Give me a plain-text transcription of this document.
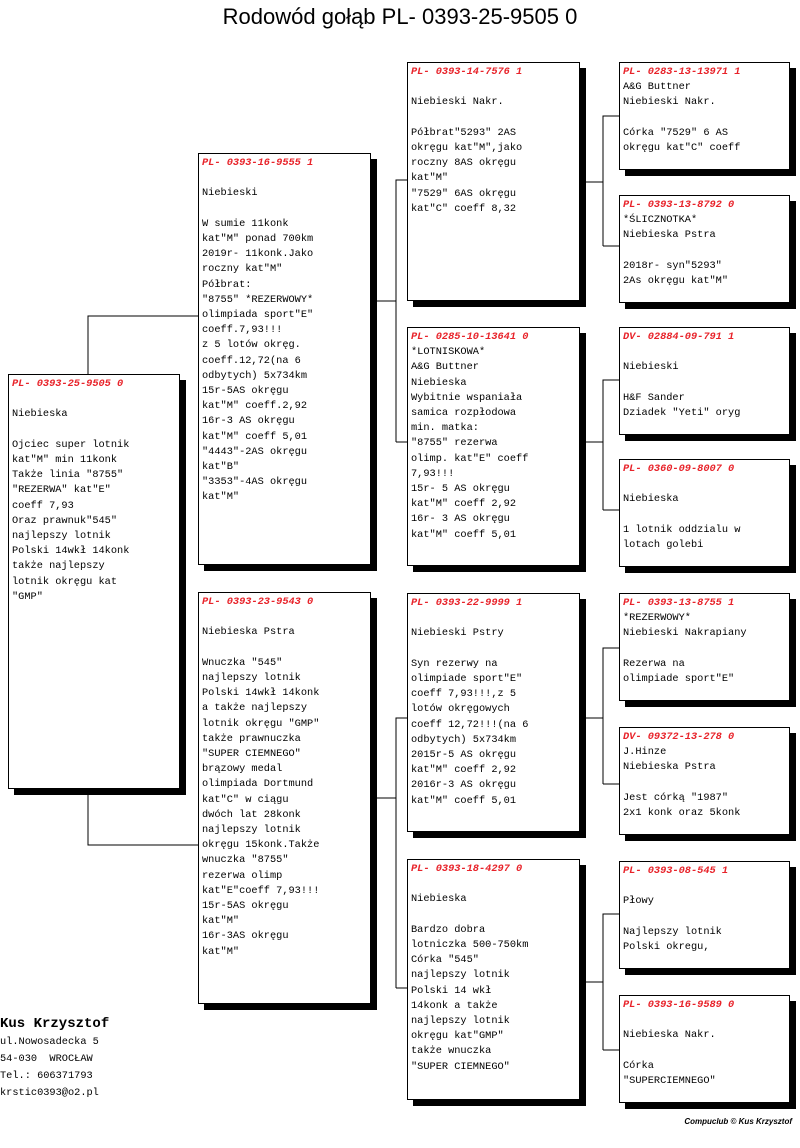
Rodowód gołąb PL- 0393-25-9505 0
PL- 0393-25-9505 0

Niebieska

Ojciec super lotnik
kat"M" min 11konk
Także linia "8755"
"REZERWA" kat"E"
coeff 7,93
Oraz prawnuk"545"
najlepszy lotnik
Polski 14wkł 14konk
także najlepszy
lotnik okręgu kat
"GMP"
PL- 0393-16-9555 1

Niebieski

W sumie 11konk
kat"M" ponad 700km
2019r- 11konk.Jako
roczny kat"M"
Półbrat:
"8755" *REZERWOWY*
olimpiada sport"E"
coeff.7,93!!!
z 5 lotów okręg.
coeff.12,72(na 6
odbytych) 5x734km
15r-5AS okręgu
kat"M" coeff.2,92
16r-3 AS okręgu
kat"M" coeff 5,01
"4443"-2AS okręgu
kat"B"
"3353"-4AS okręgu
kat"M"
PL- 0393-23-9543 0

Niebieska Pstra

Wnuczka "545"
najlepszy lotnik
Polski 14wkł 14konk
a także najlepszy
lotnik okręgu "GMP"
także prawnuczka
"SUPER CIEMNEGO"
brązowy medal
olimpiada Dortmund
kat"C" w ciągu
dwóch lat 28konk
najlepszy lotnik
okręgu 15konk.Także
wnuczka "8755"
rezerwa olimp
kat"E"coeff 7,93!!!
15r-5AS okręgu
kat"M"
16r-3AS okręgu
kat"M"
PL- 0393-14-7576 1

Niebieski Nakr.

Półbrat"5293" 2AS
okręgu kat"M",jako
roczny 8AS okręgu
kat"M"
"7529" 6AS okręgu
kat"C" coeff 8,32
PL- 0285-10-13641 0
*LOTNISKOWA*
A&G Buttner
Niebieska
Wybitnie wspaniała
samica rozpłodowa
min. matka:
"8755" rezerwa
olimp. kat"E" coeff
7,93!!!
15r- 5 AS okręgu
kat"M" coeff 2,92
16r- 3 AS okręgu
kat"M" coeff 5,01
PL- 0393-22-9999 1

Niebieski Pstry

Syn rezerwy na
olimpiade sport"E"
coeff 7,93!!!,z 5
lotów okręgowych
coeff 12,72!!!(na 6
odbytych) 5x734km
2015r-5 AS okręgu
kat"M" coeff 2,92
2016r-3 AS okręgu
kat"M" coeff 5,01
PL- 0393-18-4297 0

Niebieska

Bardzo dobra
lotniczka 500-750km
Córka "545"
najlepszy lotnik
Polski 14 wkł
14konk a także
najlepszy lotnik
okręgu kat"GMP"
także wnuczka
"SUPER CIEMNEGO"
PL- 0283-13-13971 1
A&G Buttner
Niebieski Nakr.

Córka "7529" 6 AS
okręgu kat"C" coeff
PL- 0393-13-8792 0
*ŚLICZNOTKA*
Niebieska Pstra

2018r- syn"5293"
2As okręgu kat"M"
DV- 02884-09-791 1

Niebieski

H&F Sander
Dziadek "Yeti" oryg
PL- 0360-09-8007 0

Niebieska

1 lotnik oddzialu w
lotach golebi
PL- 0393-13-8755 1
*REZERWOWY*
Niebieski Nakrapiany

Rezerwa na
olimpiade sport"E"
DV- 09372-13-278 0
J.Hinze
Niebieska Pstra

Jest córką "1987"
2x1 konk oraz 5konk
PL- 0393-08-545 1

Płowy

Najlepszy lotnik
Polski okregu,
PL- 0393-16-9589 0

Niebieska Nakr.

Córka
"SUPERCIEMNEGO"
Kus Krzysztof
ul.Nowosadecka 5
54-030  WROCŁAW
Tel.: 606371793
krstic0393@o2.pl
Compuclub © Kus Krzysztof
